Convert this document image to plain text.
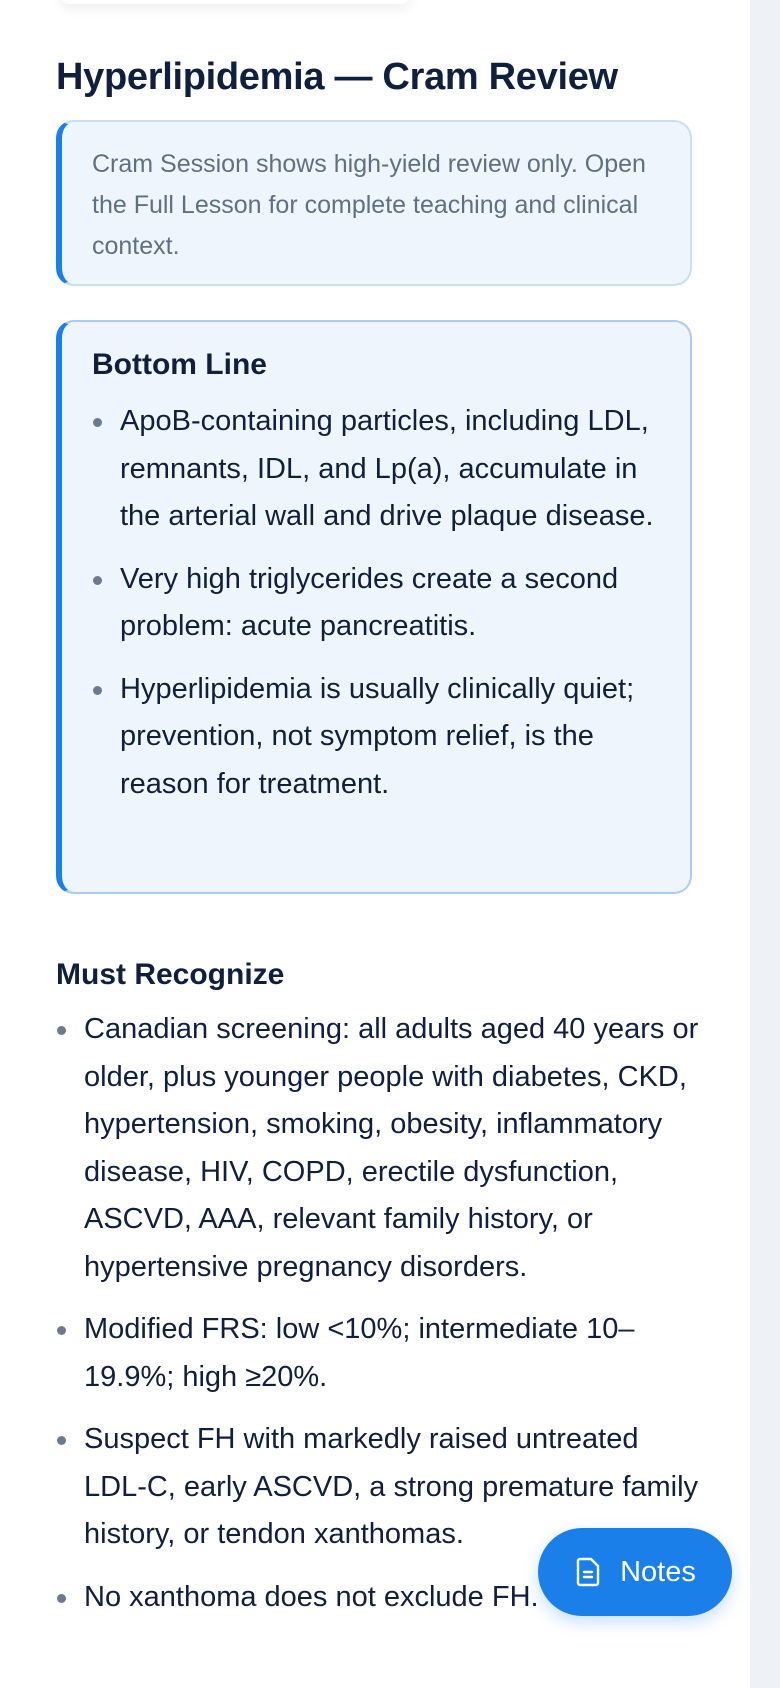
Hyperlipidemia — Cram Review

Cram Session shows high-yield review only. Open the Full Lesson for complete teaching and clinical context.

Bottom Line
ApoB-containing particles, including LDL, remnants, IDL, and Lp(a), accumulate in the arterial wall and drive plaque disease.
Very high triglycerides create a second problem: acute pancreatitis.
Hyperlipidemia is usually clinically quiet; prevention, not symptom relief, is the reason for treatment.
Must Recognize
Canadian screening: all adults aged 40 years or older, plus younger people with diabetes, CKD, hypertension, smoking, obesity, inflammatory disease, HIV, COPD, erectile dysfunction, ASCVD, AAA, relevant family history, or hypertensive pregnancy disorders.
Modified FRS: low <10%; intermediate 10–19.9%; high ≥20%.
Suspect FH with markedly raised untreated LDL-C, early ASCVD, a strong premature family history, or tendon xanthomas.
No xanthoma does not exclude FH.
Notes
